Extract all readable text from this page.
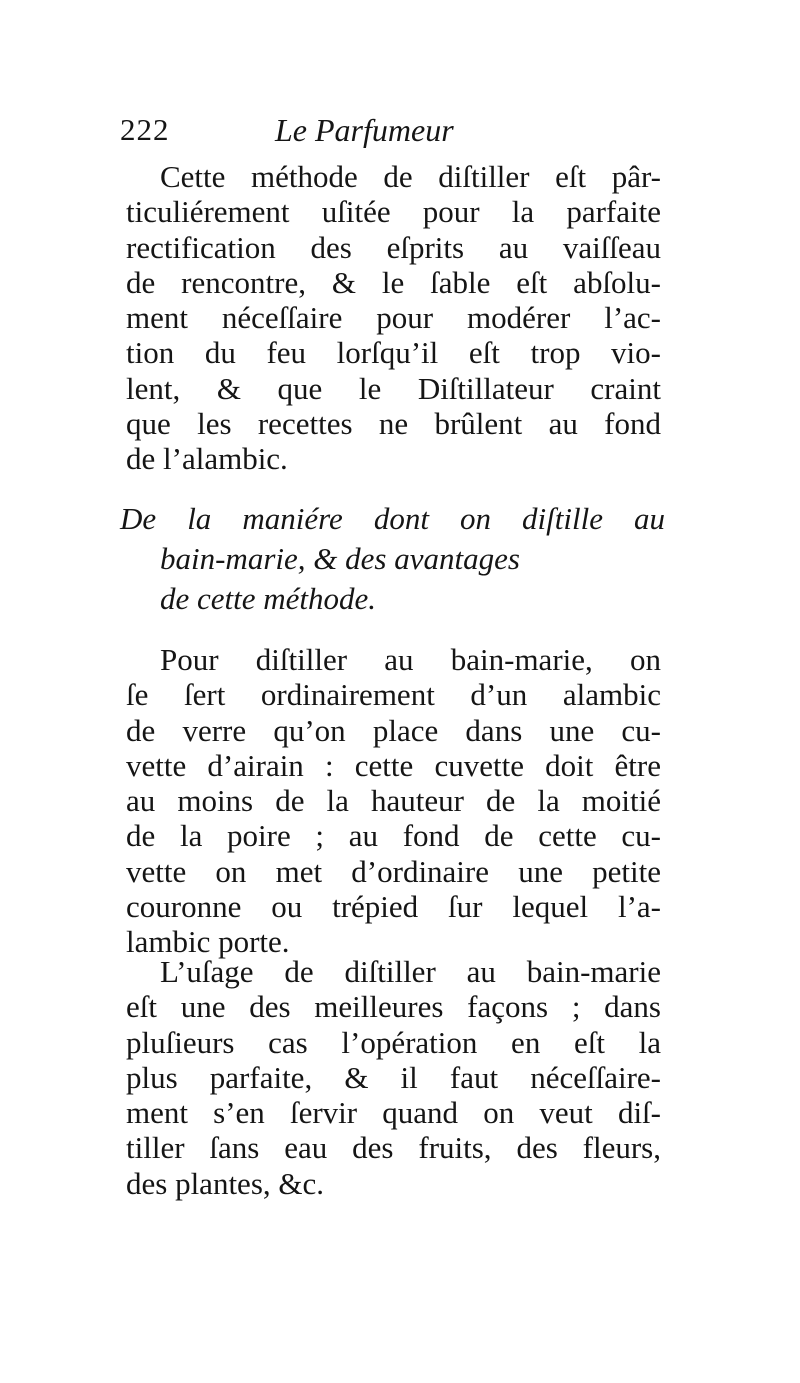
222	Le Parfumeur
Cette méthode de diſtiller eſt pâr-
ticuliérement uſitée pour la parfaite
rectification des eſprits au vaiſſeau
de rencontre, & le ſable eſt abſolu-
ment néceſſaire pour modérer l’ac-
tion du feu lorſqu’il eſt trop vio-
lent, & que le Diſtillateur craint
que les recettes ne brûlent au fond
de l’alambic.
De la maniére dont on diſtille au
bain-marie, & des avantages
de cette méthode.
Pour diſtiller au bain-marie, on
ſe ſert ordinairement d’un alambic
de verre qu’on place dans une cu-
vette d’airain : cette cuvette doit être
au moins de la hauteur de la moitié
de la poire ; au fond de cette cu-
vette on met d’ordinaire une petite
couronne ou trépied ſur lequel l’a-
lambic porte.
L’uſage de diſtiller au bain-marie
eſt une des meilleures façons ; dans
pluſieurs cas l’opération en eſt la
plus parfaite, & il faut néceſſaire-
ment s’en ſervir quand on veut diſ-
tiller ſans eau des fruits, des fleurs,
des plantes, &c.
